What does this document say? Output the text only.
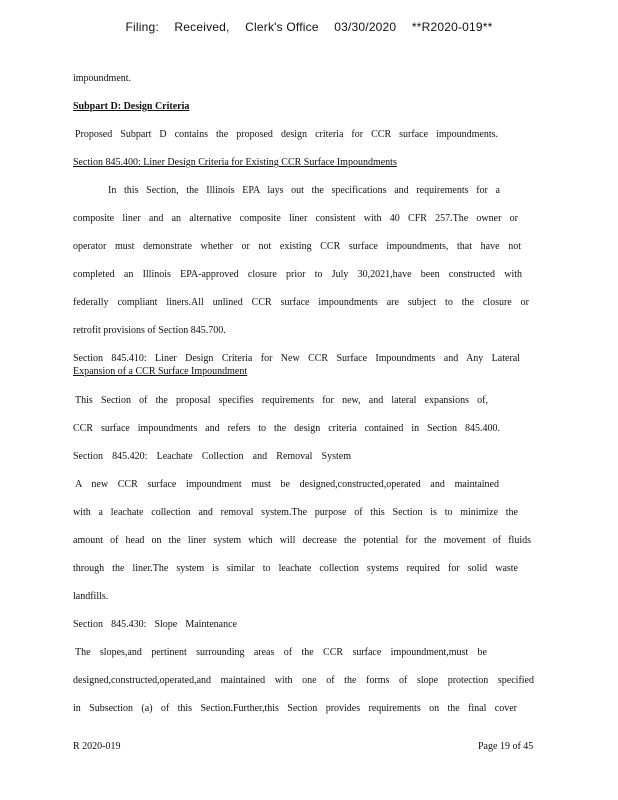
Filing: Received, Clerk's Office 03/30/2020 **R2020-019**
impoundment.
Subpart D: Design Criteria
Proposed Subpart D contains the proposed design criteria for CCR surface impoundments.
Section 845.400: Liner Design Criteria for Existing CCR Surface Impoundments
In this Section, the Illinois EPA lays out the specifications and requirements for a
composite liner and an alternative composite liner consistent with 40 CFR 257.The owner or
operator must demonstrate whether or not existing CCR surface impoundments, that have not
completed an Illinois EPA-approved closure prior to July 30,2021,have been constructed with
federally compliant liners.All unlined CCR surface impoundments are subject to the closure or
retrofit provisions of Section 845.700.
Section 845.410: Liner Design Criteria for New CCR Surface Impoundments and Any Lateral
Expansion of a CCR Surface Impoundment
This Section of the proposal specifies requirements for new, and lateral expansions of,
CCR surface impoundments and refers to the design criteria contained in Section 845.400.
Section 845.420: Leachate Collection and Removal System
A new CCR surface impoundment must be designed,constructed,operated and maintained
with a leachate collection and removal system.The purpose of this Section is to minimize the
amount of head on the liner system which will decrease the potential for the movement of fluids
through the liner.The system is similar to leachate collection systems required for solid waste
landfills.
Section 845.430: Slope Maintenance
The slopes,and pertinent surrounding areas of the CCR surface impoundment,must be
designed,constructed,operated,and maintained with one of the forms of slope protection specified
in Subsection (a) of this Section.Further,this Section provides requirements on the final cover
R 2020-019	Page 19 of 45
